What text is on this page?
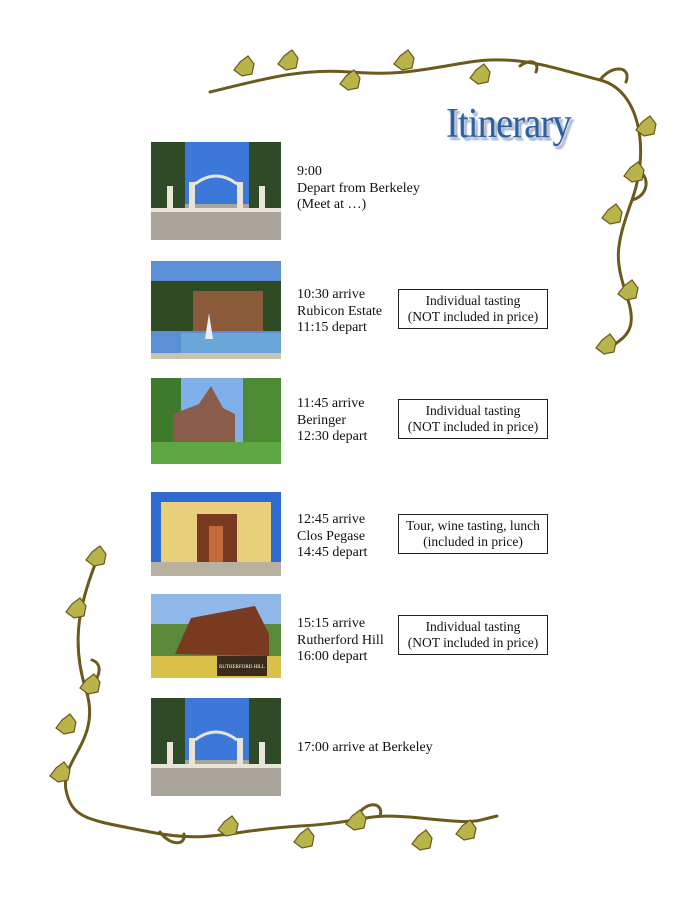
Itinerary
9:00
Depart from Berkeley
(Meet at …)
10:30 arrive
Rubicon Estate
11:15 depart
Individual tasting
(NOT included in price)
11:45 arrive
Beringer
12:30 depart
Individual tasting
(NOT included in price)
12:45 arrive
Clos Pegase
14:45 depart
Tour, wine tasting, lunch
(included in price)
RUTHERFORD HILL
15:15 arrive
Rutherford Hill
16:00 depart
Individual tasting
(NOT included in price)
17:00 arrive at Berkeley
